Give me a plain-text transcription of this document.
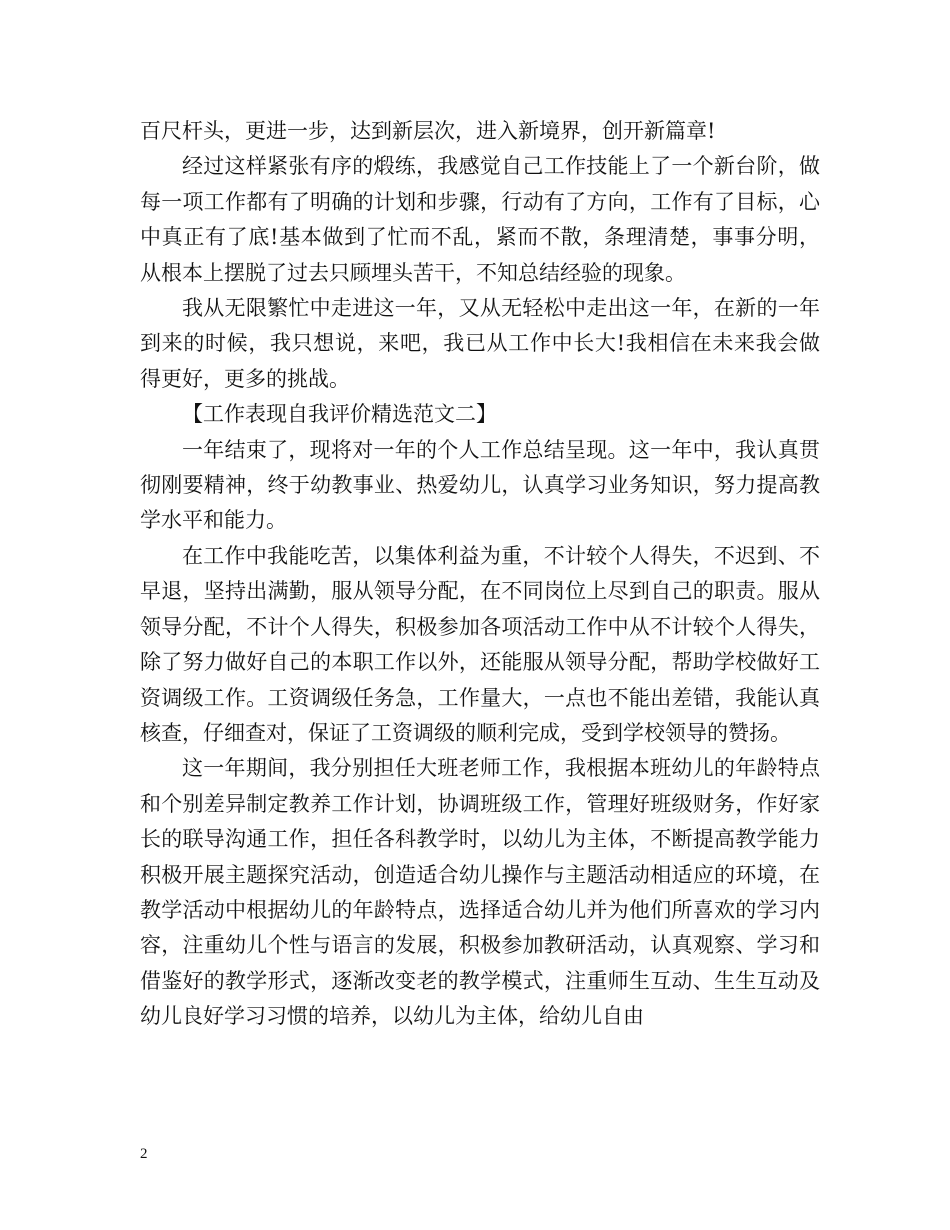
百尺杆头，更进一步，达到新层次，进入新境界，创开新篇章!

经过这样紧张有序的煅练，我感觉自己工作技能上了一个新台阶，做每一项工作都有了明确的计划和步骤，行动有了方向，工作有了目标，心中真正有了底!基本做到了忙而不乱，紧而不散，条理清楚，事事分明，从根本上摆脱了过去只顾埋头苦干，不知总结经验的现象。

我从无限繁忙中走进这一年，又从无轻松中走出这一年，在新的一年到来的时候，我只想说，来吧，我已从工作中长大!我相信在未来我会做得更好，更多的挑战。

【工作表现自我评价精选范文二】

一年结束了，现将对一年的个人工作总结呈现。这一年中，我认真贯彻刚要精神，终于幼教事业、热爱幼儿，认真学习业务知识，努力提高教学水平和能力。

在工作中我能吃苦，以集体利益为重，不计较个人得失，不迟到、不早退，坚持出满勤，服从领导分配，在不同岗位上尽到自己的职责。服从领导分配，不计个人得失，积极参加各项活动工作中从不计较个人得失，除了努力做好自己的本职工作以外，还能服从领导分配，帮助学校做好工资调级工作。工资调级任务急，工作量大，一点也不能出差错，我能认真核查，仔细查对，保证了工资调级的顺利完成，受到学校领导的赞扬。

这一年期间，我分别担任大班老师工作，我根据本班幼儿的年龄特点和个别差异制定教养工作计划，协调班级工作，管理好班级财务，作好家长的联导沟通工作，担任各科教学时，以幼儿为主体，不断提高教学能力积极开展主题探究活动，创造适合幼儿操作与主题活动相适应的环境，在教学活动中根据幼儿的年龄特点，选择适合幼儿并为他们所喜欢的学习内容，注重幼儿个性与语言的发展，积极参加教研活动，认真观察、学习和借鉴好的教学形式，逐渐改变老的教学模式，注重师生互动、生生互动及幼儿良好学习习惯的培养，以幼儿为主体，给幼儿自由

2
